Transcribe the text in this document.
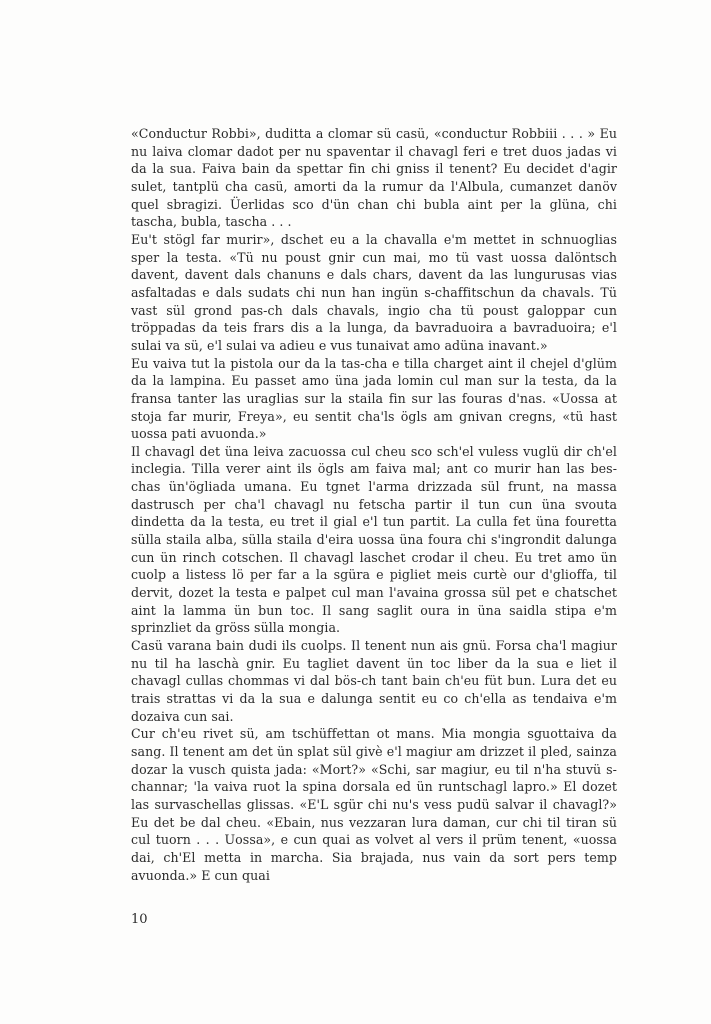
«Conductur Robbi», duditta a clomar sü casü, «conductur Robbiii . . . » Eu nu laiva clomar dadot per nu spaventar il chavagl feri e tret duos jadas vi da la sua. Faiva bain da spettar fin chi gniss il tenent? Eu decidet d'agir sulet, tantplü cha casü, amorti da la rumur da l'Albula, cumanzet danöv quel sbragizi. Üerlidas sco d'ün chan chi bubla aint per la glüna, chi tascha, bubla, tascha . . .

Eu't stögl far murir», dschet eu a la chavalla e'm mettet in schnuoglias sper la testa. «Tü nu poust gnir cun mai, mo tü vast uossa dalöntsch davent, davent dals chanuns e dals chars, davent da las lungurusas vias asfaltadas e dals sudats chi nun han ingün s-chaffitschun da chavals. Tü vast sül grond pas-ch dals chavals, ingio cha tü poust galoppar cun tröppadas da teis frars dis a la lunga, da bavraduoira a bavraduoira; e'l sulai va sü, e'l sulai va adieu e vus tunaivat amo adüna inavant.»

Eu vaiva tut la pistola our da la tas-cha e tilla charget aint il chejel d'glüm da la lampina. Eu passet amo üna jada lomin cul man sur la testa, da la fransa tanter las uraglias sur la staila fin sur las fouras d'nas. «Uossa at stoja far murir, Freya», eu sentit cha'ls ögls am gnivan cregns, «tü hast uossa pati avuonda.»

Il chavagl det üna leiva zacuossa cul cheu sco sch'el vuless vuglü dir ch'el inclegia. Tilla verer aint ils ögls am faiva mal; ant co murir han las bes-chas ün'ögliada umana. Eu tgnet l'arma drizzada sül frunt, na massa dastrusch per cha'l chavagl nu fetscha partir il tun cun üna svouta dindetta da la testa, eu tret il gial e'l tun partit. La culla fet üna fouretta süllа staila alba, süllа staila d'eira uossa üna foura chi s'ingrondit dalunga cun ün rinch cotschen. Il chavagl laschet crodar il cheu. Eu tret amo ün cuolp a listess lö per far a la sgüra e pigliet meis curtè our d'glioffa, til dervit, dozet la testa e palpet cul man l'avaina grossa sül pet e chatschet aint la lamma ün bun toc. Il sang saglit oura in üna saidla stipa e'm sprinzliet da gröss süllа mongia.

Casü varana bain dudi ils cuolps. Il tenent nun ais gnü. Forsa cha'l magiur nu til ha laschà gnir. Eu tagliet davent ün toc liber da la sua e liet il chavagl cullas chommas vi dal bös-ch tant bain ch'eu füt bun. Lura det eu trais strattas vi da la sua e dalunga sentit eu co ch'ella as tendaiva e'm dozaiva cun sai.

Cur ch'eu rivet sü, am tschüffettan ot mans. Mia mongia sguottaiva da sang. Il tenent am det ün splat sül givè e'l magiur am drizzet il pled, sainza dozar la vusch quista jada: «Mort?» «Schi, sar magiur, eu til n'ha stuvü s-channar; 'la vaiva ruot la spina dorsala ed ün runtschagl lapro.» El dozet las survaschellas glissas. «E'L sgür chi nu's vess pudü salvar il chavagl?» Eu det be dal cheu. «Ebain, nus vezzaran lura daman, cur chi til tiran sü cul tuorn . . . Uossa», e cun quai as volvet al vers il prüm tenent, «uossa dai, ch'El metta in marcha. Sia brajada, nus vain da sort pers temp avuonda.» E cun quai

10
